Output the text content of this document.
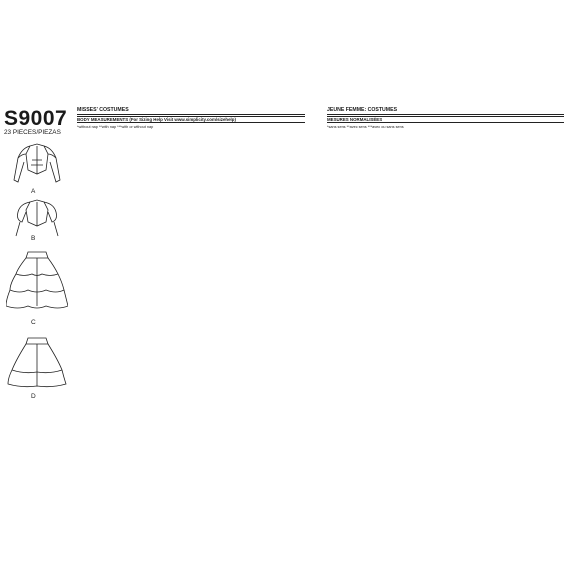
S9007
23 PIECES/PIEZAS
A
B
C
D
MISSES' COSTUMES
BODY MEASUREMENTS (For Sizing Help Visit www.simplicity.com/sizehelp)
*without nap **with nap ***with or without nap
JEUNE FEMME: COSTUMES
MESURES NORMALISÉES
*sans sens **avec sens ***avec ou sans sens
